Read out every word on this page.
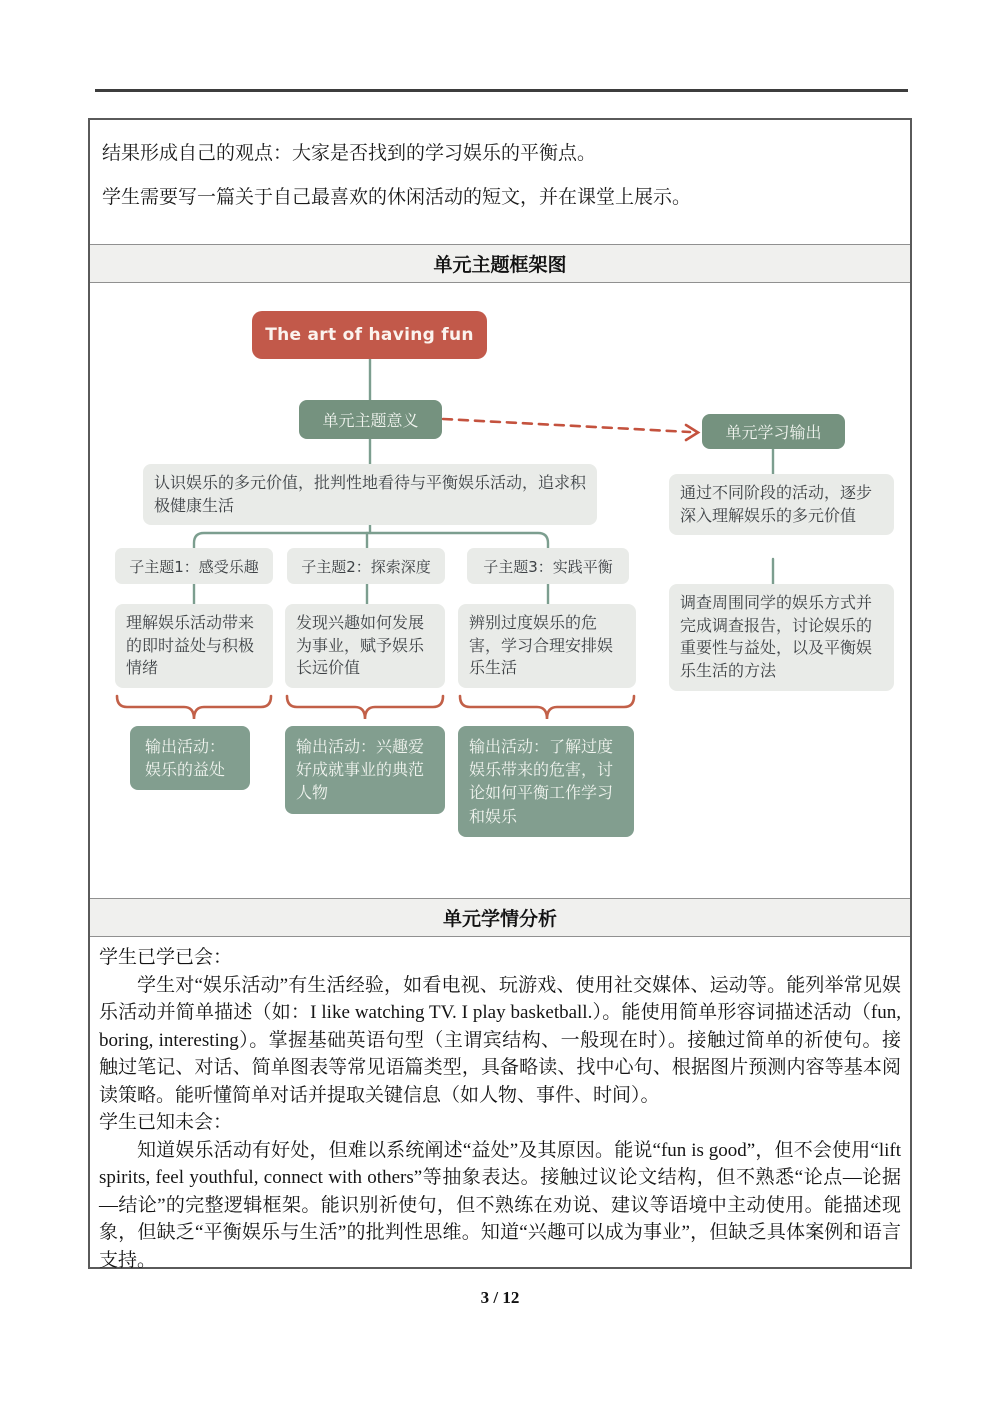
结果形成自己的观点：大家是否找到的学习娱乐的平衡点。

学生需要写一篇关于自己最喜欢的休闲活动的短文，并在课堂上展示。

单元主题框架图
The art of having fun
单元主题意义
单元学习输出
认识娱乐的多元价值，批判性地看待与平衡娱乐活动，追求积极健康生活
子主题1：感受乐趣	子主题2：探索深度	子主题3：实践平衡
理解娱乐活动带来的即时益处与积极情绪
发现兴趣如何发展为事业，赋予娱乐长远价值
辨别过度娱乐的危害，学习合理安排娱乐生活
输出活动：娱乐的益处
输出活动：兴趣爱好成就事业的典范人物
输出活动：了解过度娱乐带来的危害，讨论如何平衡工作学习和娱乐
通过不同阶段的活动，逐步深入理解娱乐的多元价值
调查周围同学的娱乐方式并完成调查报告，讨论娱乐的重要性与益处，以及平衡娱乐生活的方法
单元学情分析

学生已学已会：

学生对“娱乐活动”有生活经验，如看电视、玩游戏、使用社交媒体、运动等。能列举常见娱乐活动并简单描述（如：I like watching TV. I play basketball.）。能使用简单形容词描述活动（fun, boring, interesting）。掌握基础英语句型（主谓宾结构、一般现在时）。接触过简单的祈使句。接触过笔记、对话、简单图表等常见语篇类型，具备略读、找中心句、根据图片预测内容等基本阅读策略。能听懂简单对话并提取关键信息（如人物、事件、时间）。

学生已知未会：

知道娱乐活动有好处，但难以系统阐述“益处”及其原因。能说“fun is good”，但不会使用“lift spirits, feel youthful, connect with others”等抽象表达。接触过议论文结构，但不熟悉“论点—论据—结论”的完整逻辑框架。能识别祈使句，但不熟练在劝说、建议等语境中主动使用。能描述现象，但缺乏“平衡娱乐与生活”的批判性思维。知道“兴趣可以成为事业”，但缺乏具体案例和语言支持。

3 / 12
